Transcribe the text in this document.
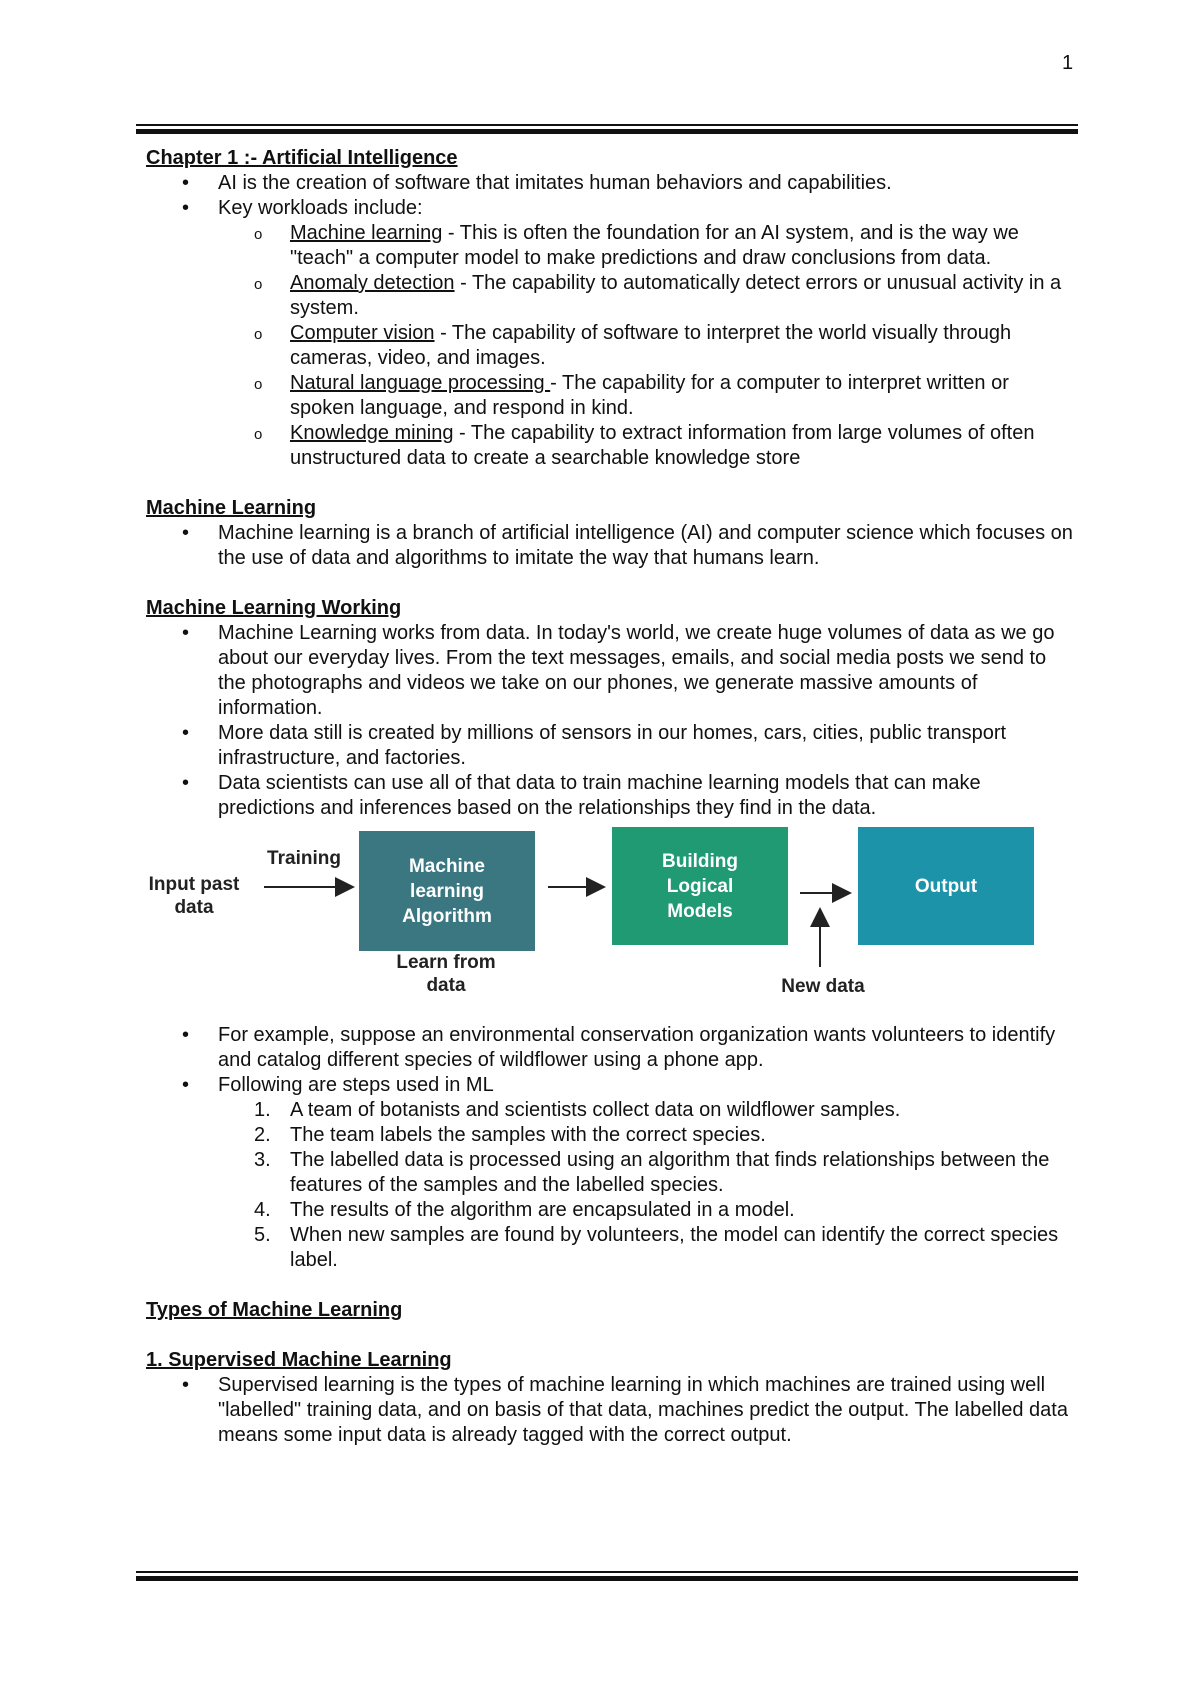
1

Chapter 1 :- Artificial Intelligence

• AI is the creation of software that imitates human behaviors and capabilities.
• Key workloads include:
o Machine learning - This is often the foundation for an AI system, and is the way we "teach" a computer model to make predictions and draw conclusions from data.
o Anomaly detection - The capability to automatically detect errors or unusual activity in a system.
o Computer vision - The capability of software to interpret the world visually through cameras, video, and images.
o Natural language processing - The capability for a computer to interpret written or spoken language, and respond in kind.
o Knowledge mining - The capability to extract information from large volumes of often unstructured data to create a searchable knowledge store

Machine Learning

• Machine learning is a branch of artificial intelligence (AI) and computer science which focuses on the use of data and algorithms to imitate the way that humans learn.

Machine Learning Working

• Machine Learning works from data. In today's world, we create huge volumes of data as we go about our everyday lives. From the text messages, emails, and social media posts we send to the photographs and videos we take on our phones, we generate massive amounts of information.
• More data still is created by millions of sensors in our homes, cars, cities, public transport infrastructure, and factories.
• Data scientists can use all of that data to train machine learning models that can make predictions and inferences based on the relationships they find in the data.
Input past data
Training	Machine learning Algorithm
Learn from data
Building Logical Models
Output
New data
• For example, suppose an environmental conservation organization wants volunteers to identify and catalog different species of wildflower using a phone app.
• Following are steps used in ML
1. A team of botanists and scientists collect data on wildflower samples.
2. The team labels the samples with the correct species.
3. The labelled data is processed using an algorithm that finds relationships between the features of the samples and the labelled species.
4. The results of the algorithm are encapsulated in a model.
5. When new samples are found by volunteers, the model can identify the correct species label.

Types of Machine Learning

1. Supervised Machine Learning

• Supervised learning is the types of machine learning in which machines are trained using well "labelled" training data, and on basis of that data, machines predict the output. The labelled data means some input data is already tagged with the correct output.
